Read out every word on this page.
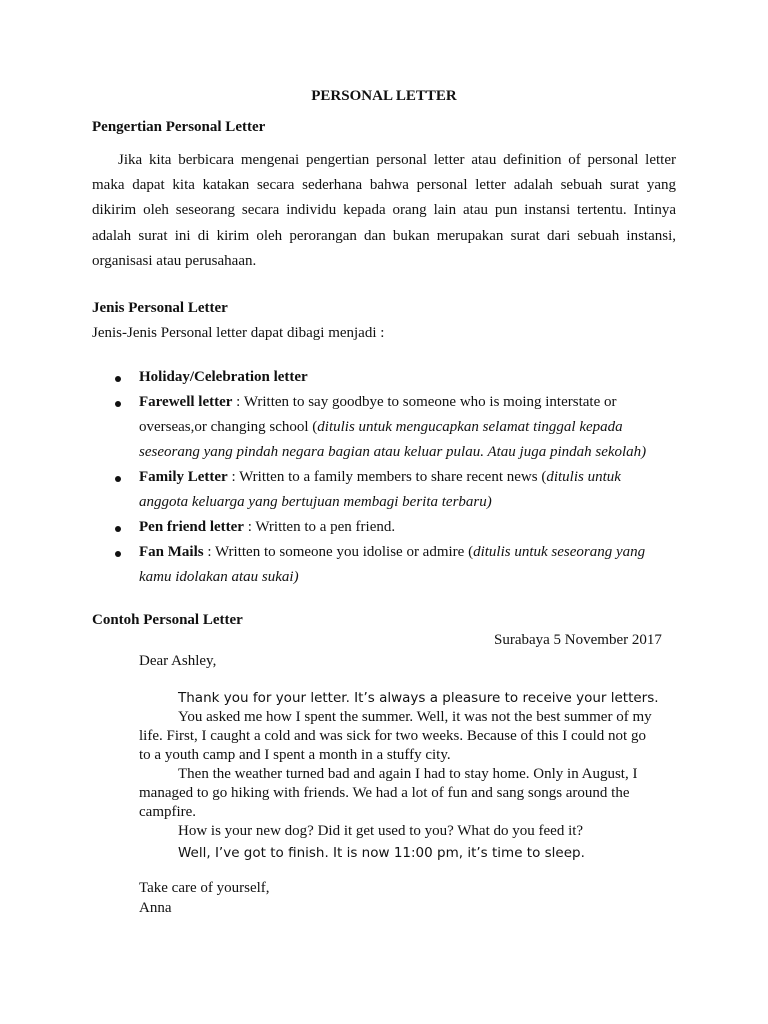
PERSONAL LETTER
Pengertian Personal Letter
Jika kita berbicara mengenai pengertian personal letter atau definition of personal letter
maka dapat kita katakan secara sederhana bahwa personal letter adalah sebuah surat yang
dikirim oleh seseorang secara individu kepada orang lain atau pun instansi tertentu. Intinya
adalah surat ini di kirim oleh perorangan dan bukan merupakan surat dari sebuah instansi,
organisasi atau perusahaan.
Jenis Personal Letter
Jenis-Jenis Personal letter dapat dibagi menjadi :
Holiday/Celebration letter
Farewell letter : Written to say goodbye to someone who is moing interstate or
overseas,or changing school (ditulis untuk mengucapkan selamat tinggal kepada
seseorang yang pindah negara bagian atau keluar pulau. Atau juga pindah sekolah)
Family Letter : Written to a family members to share recent news (ditulis untuk
anggota keluarga yang bertujuan membagi berita terbaru)
Pen friend letter : Written to a pen friend.
Fan Mails : Written to someone you idolise or admire (ditulis untuk seseorang yang
kamu idolakan atau sukai)
Contoh Personal Letter
Surabaya 5 November 2017
Dear Ashley,
Thank you for your letter. It’s always a pleasure to receive your letters.
You asked me how I spent the summer. Well, it was not the best summer of my
life. First, I caught a cold and was sick for two weeks. Because of this I could not go
to a youth camp and I spent a month in a stuffy city.
Then the weather turned bad and again I had to stay home. Only in August, I
managed to go hiking with friends. We had a lot of fun and sang songs around the
campfire.
How is your new dog? Did it get used to you? What do you feed it?
Well, I’ve got to finish. It is now 11:00 pm, it’s time to sleep.
Take care of yourself,
Anna
